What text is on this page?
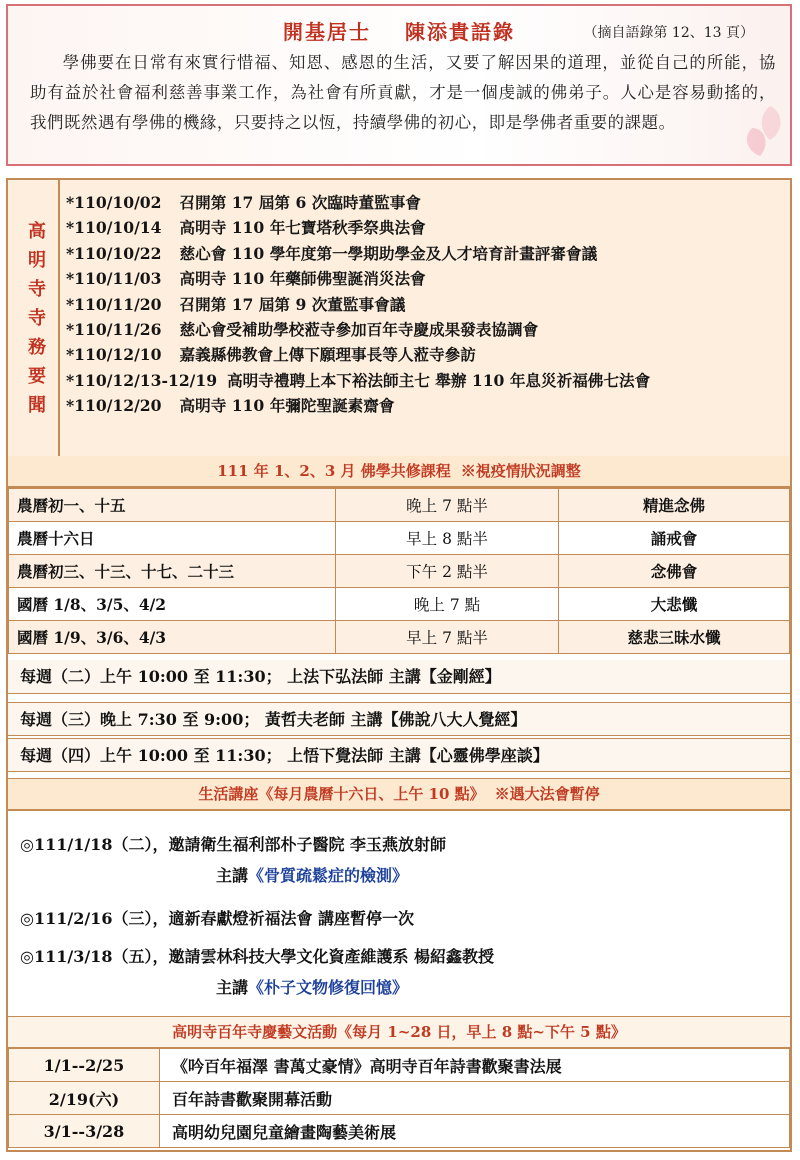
開基居士 陳添貴語錄	（摘自語錄第 12、13 頁）
學佛要在日常有來實行惜福、知恩、感恩的生活，又要了解因果的道理，並從自己的所能，協助有益於社會福利慈善事業工作，為社會有所貢獻，才是一個虔誠的佛弟子。人心是容易動搖的，我們既然遇有學佛的機緣，只要持之以恆，持續學佛的初心，即是學佛者重要的課題。
高
明
寺
寺
務
要
聞
*110/10/02 召開第 17 屆第 6 次臨時董監事會
*110/10/14 高明寺 110 年七寶塔秋季祭典法會
*110/10/22 慈心會 110 學年度第一學期助學金及人才培育計畫評審會議
*110/11/03 高明寺 110 年藥師佛聖誕消災法會
*110/11/20 召開第 17 屆第 9 次董監事會議
*110/11/26 慈心會受補助學校蒞寺參加百年寺慶成果發表協調會
*110/12/10 嘉義縣佛教會上傳下願理事長等人蒞寺參訪
*110/12/13-12/19 高明寺禮聘上本下裕法師主七 舉辦 110 年息災祈福佛七法會
*110/12/20 高明寺 110 年彌陀聖誕素齋會
111 年 1、2、3 月 佛學共修課程 ※視疫情狀況調整
農曆初一、十五	晚上 7 點半	精進念佛
農曆十六日	早上 8 點半	誦戒會
農曆初三、十三、十七、二十三	下午 2 點半	念佛會
國曆 1/8、3/5、4/2	晚上 7 點	大悲懺
國曆 1/9、3/6、4/3	早上 7 點半	慈悲三昧水懺
每週（二）上午 10:00 至 11:30； 上法下弘法師 主講【金剛經】
每週（三）晚上 7:30 至 9:00； 黃哲夫老師 主講【佛說八大人覺經】
每週（四）上午 10:00 至 11:30； 上悟下覺法師 主講【心靈佛學座談】
生活講座《每月農曆十六日、上午 10 點》 ※遇大法會暫停
◎111/1/18（二），邀請衛生福利部朴子醫院 李玉燕放射師
主講《骨質疏鬆症的檢測》
◎111/2/16（三），適新春獻燈祈福法會 講座暫停一次
◎111/3/18（五），邀請雲林科技大學文化資產維護系 楊紹鑫教授
主講《朴子文物修復回憶》
高明寺百年寺慶藝文活動《每月 1~28 日，早上 8 點~下午 5 點》
1/1--2/25	《吟百年福澤 書萬丈豪情》高明寺百年詩書歡聚書法展
2/19(六)	百年詩書歡聚開幕活動
3/1--3/28	高明幼兒園兒童繪畫陶藝美術展
